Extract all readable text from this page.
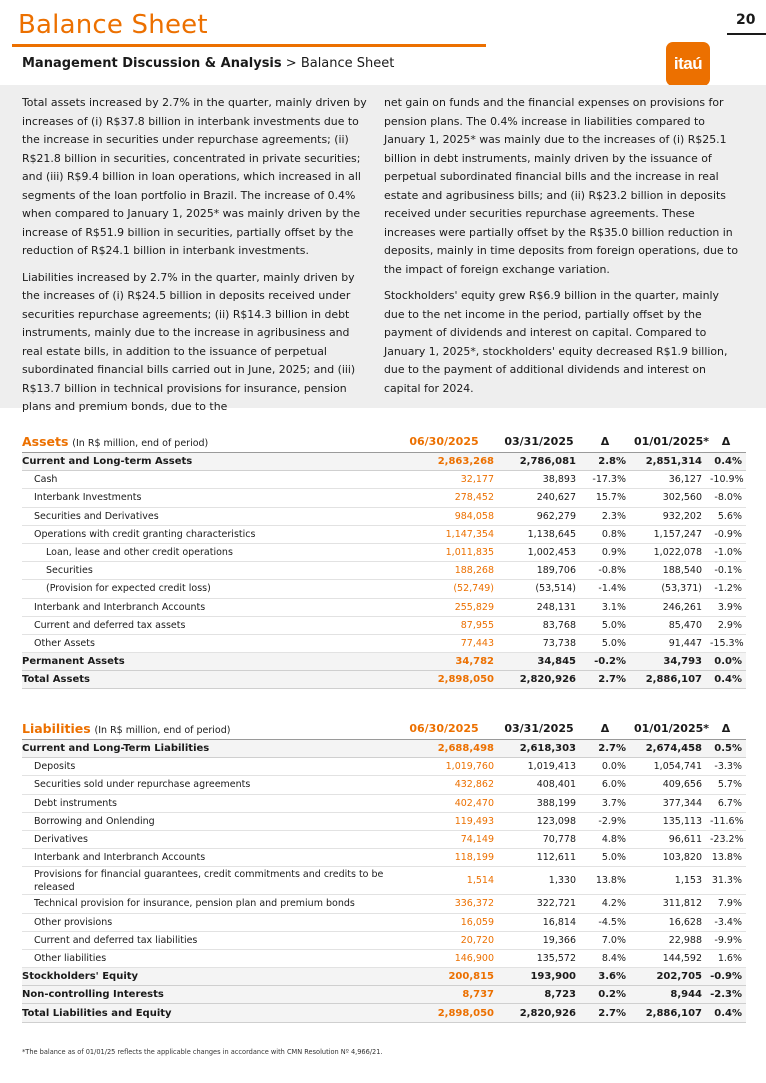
Balance Sheet	20
Management Discussion & Analysis > Balance Sheet	itaú

Total assets increased by 2.7% in the quarter, mainly driven by increases of (i) R$37.8 billion in interbank investments due to the increase in securities under repurchase agreements; (ii) R$21.8 billion in securities, concentrated in private securities; and (iii) R$9.4 billion in loan operations, which increased in all segments of the loan portfolio in Brazil. The increase of 0.4% when compared to January 1, 2025* was mainly driven by the increase of R$51.9 billion in securities, partially offset by the reduction of R$24.1 billion in interbank investments.

Liabilities increased by 2.7% in the quarter, mainly driven by the increases of (i) R$24.5 billion in deposits received under securities repurchase agreements; (ii) R$14.3 billion in debt instruments, mainly due to the increase in agribusiness and real estate bills, in addition to the issuance of perpetual subordinated financial bills carried out in June, 2025; and (iii) R$13.7 billion in technical provisions for insurance, pension plans and premium bonds, due to the

net gain on funds and the financial expenses on provisions for pension plans. The 0.4% increase in liabilities compared to January 1, 2025* was mainly due to the increases of (i) R$25.1 billion in debt instruments, mainly driven by the issuance of perpetual subordinated financial bills and the increase in real estate and agribusiness bills; and (ii) R$23.2 billion in deposits received under securities repurchase agreements. These increases were partially offset by the R$35.0 billion reduction in deposits, mainly in time deposits from foreign operations, due to the impact of foreign exchange variation.

Stockholders' equity grew R$6.9 billion in the quarter, mainly due to the net income in the period, partially offset by the payment of dividends and interest on capital. Compared to January 1, 2025*, stockholders' equity decreased R$1.9 billion, due to the payment of additional dividends and interest on capital for 2024.

Assets (In R$ million, end of period)	06/30/2025	03/31/2025	Δ	01/01/2025*	Δ
Current and Long-term Assets	2,863,268	2,786,081	2.8%	2,851,314	0.4%
Cash	32,177	38,893	-17.3%	36,127	-10.9%
Interbank Investments	278,452	240,627	15.7%	302,560	-8.0%
Securities and Derivatives	984,058	962,279	2.3%	932,202	5.6%
Operations with credit granting characteristics	1,147,354	1,138,645	0.8%	1,157,247	-0.9%
Loan, lease and other credit operations	1,011,835	1,002,453	0.9%	1,022,078	-1.0%
Securities	188,268	189,706	-0.8%	188,540	-0.1%
(Provision for expected credit loss)	(52,749)	(53,514)	-1.4%	(53,371)	-1.2%
Interbank and Interbranch Accounts	255,829	248,131	3.1%	246,261	3.9%
Current and deferred tax assets	87,955	83,768	5.0%	85,470	2.9%
Other Assets	77,443	73,738	5.0%	91,447	-15.3%
Permanent Assets	34,782	34,845	-0.2%	34,793	0.0%
Total Assets	2,898,050	2,820,926	2.7%	2,886,107	0.4%
Liabilities (In R$ million, end of period)	06/30/2025	03/31/2025	Δ	01/01/2025*	Δ
Current and Long-Term Liabilities	2,688,498	2,618,303	2.7%	2,674,458	0.5%
Deposits	1,019,760	1,019,413	0.0%	1,054,741	-3.3%
Securities sold under repurchase agreements	432,862	408,401	6.0%	409,656	5.7%
Debt instruments	402,470	388,199	3.7%	377,344	6.7%
Borrowing and Onlending	119,493	123,098	-2.9%	135,113	-11.6%
Derivatives	74,149	70,778	4.8%	96,611	-23.2%
Interbank and Interbranch Accounts	118,199	112,611	5.0%	103,820	13.8%
Provisions for financial guarantees, credit commitments and credits to be released	1,514	1,330	13.8%	1,153	31.3%
Technical provision for insurance, pension plan and premium bonds	336,372	322,721	4.2%	311,812	7.9%
Other provisions	16,059	16,814	-4.5%	16,628	-3.4%
Current and deferred tax liabilities	20,720	19,366	7.0%	22,988	-9.9%
Other liabilities	146,900	135,572	8.4%	144,592	1.6%
Stockholders' Equity	200,815	193,900	3.6%	202,705	-0.9%
Non-controlling Interests	8,737	8,723	0.2%	8,944	-2.3%
Total Liabilities and Equity	2,898,050	2,820,926	2.7%	2,886,107	0.4%
*The balance as of 01/01/25 reflects the applicable changes in accordance with CMN Resolution Nº 4,966/21.
